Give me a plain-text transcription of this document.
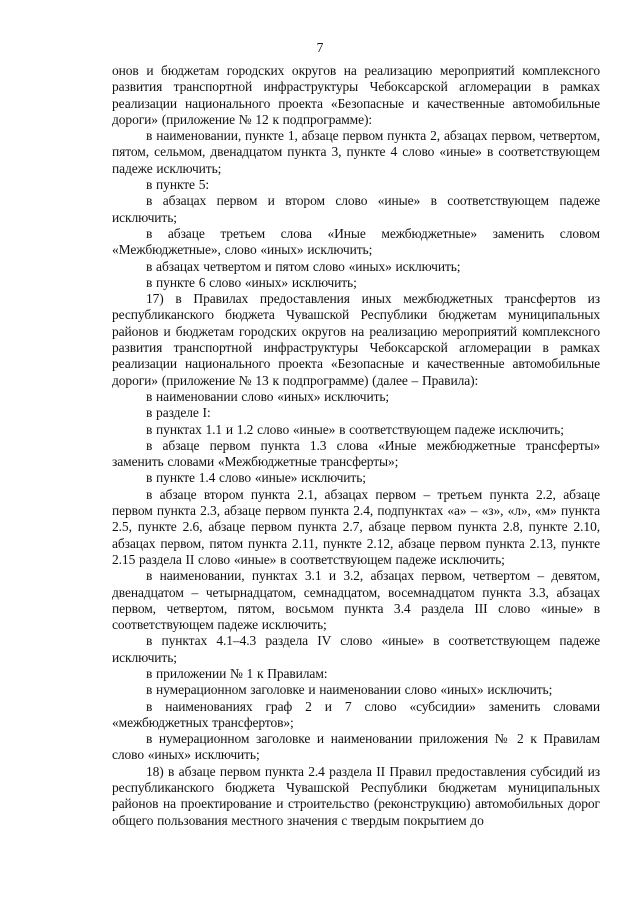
7

онов и бюджетам городских округов на реализацию мероприятий комплексного развития транспортной инфраструктуры Чебоксарской агломерации в рамках реализации национального проекта «Безопасные и качественные автомобильные дороги» (приложение № 12 к подпрограмме):

в наименовании, пункте 1, абзаце первом пункта 2, абзацах первом, четвертом, пятом, сельмом, двенадцатом пункта 3, пункте 4 слово «иные» в соответствующем падеже исключить;

в пункте 5:

в абзацах первом и втором слово «иные» в соответствующем падеже исключить;

в абзаце третьем слова «Иные межбюджетные» заменить словом «Межбюджетные», слово «иных» исключить;

в абзацах четвертом и пятом слово «иных» исключить;

в пункте 6 слово «иных» исключить;

17) в Правилах предоставления иных межбюджетных трансфертов из республиканского бюджета Чувашской Республики бюджетам муниципальных районов и бюджетам городских округов на реализацию мероприятий комплексного развития транспортной инфраструктуры Чебоксарской агломерации в рамках реализации национального проекта «Безопасные и качественные автомобильные дороги» (приложение № 13 к подпрограмме) (далее – Правила):

в наименовании слово «иных» исключить;

в разделе I:

в пунктах 1.1 и 1.2 слово «иные» в соответствующем падеже исключить;

в абзаце первом пункта 1.3 слова «Иные межбюджетные трансферты» заменить словами «Межбюджетные трансферты»;

в пункте 1.4 слово «иные» исключить;

в абзаце втором пункта 2.1, абзацах первом – третьем пункта 2.2, абзаце первом пункта 2.3, абзаце первом пункта 2.4, подпунктах «а» – «з», «л», «м» пункта 2.5, пункте 2.6, абзаце первом пункта 2.7, абзаце первом пункта 2.8, пункте 2.10, абзацах первом, пятом пункта 2.11, пункте 2.12, абзаце первом пункта 2.13, пункте 2.15 раздела II слово «иные» в соответствующем падеже исключить;

в наименовании, пунктах 3.1 и 3.2, абзацах первом, четвертом – девятом, двенадцатом – четырнадцатом, семнадцатом, восемнадцатом пункта 3.3, абзацах первом, четвертом, пятом, восьмом пункта 3.4 раздела III слово «иные» в соответствующем падеже исключить;

в пунктах 4.1–4.3 раздела IV слово «иные» в соответствующем падеже исключить;

в приложении № 1 к Правилам:

в нумерационном заголовке и наименовании слово «иных» исключить;

в наименованиях граф 2 и 7 слово «субсидии» заменить словами «межбюджетных трансфертов»;

в нумерационном заголовке и наименовании приложения № 2 к Правилам слово «иных» исключить;

18) в абзаце первом пункта 2.4 раздела II Правил предоставления субсидий из республиканского бюджета Чувашской Республики бюджетам муниципальных районов на проектирование и строительство (реконструкцию) автомобильных дорог общего пользования местного значения с твердым покрытием до
